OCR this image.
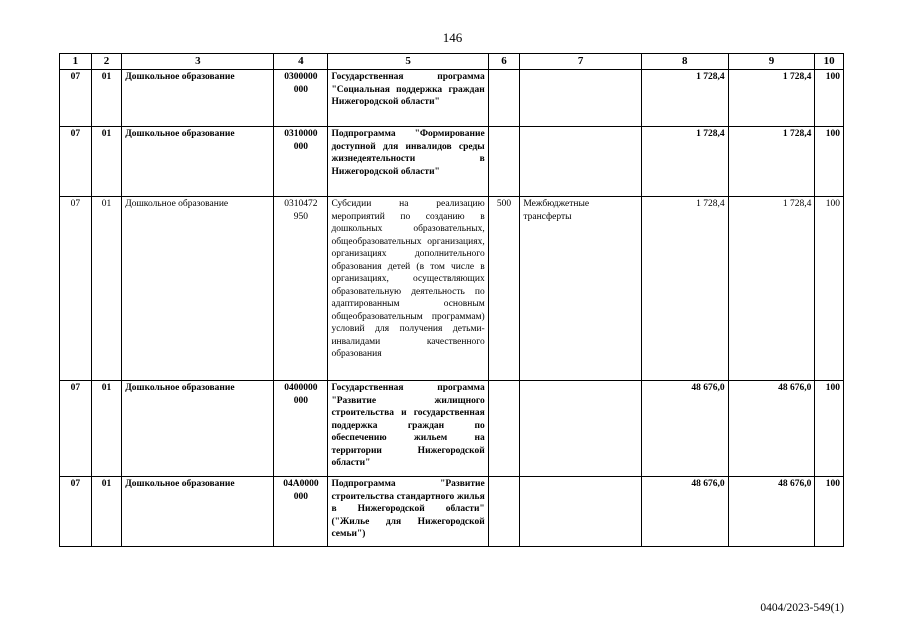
146
1	2	3	4	5	6	7	8	9	10
07	01	Дошкольное образование	0300000 000	Государственная программа "Социальная поддержка граждан Нижегородской области"			1 728,4	1 728,4	100
07	01	Дошкольное образование	0310000 000	Подпрограмма "Формирование доступной для инвалидов среды жизнедеятельности в Нижегородской области"			1 728,4	1 728,4	100
07	01	Дошкольное образование	0310472 950	Субсидии на реализацию мероприятий по созданию в дошкольных образовательных, общеобразовательных организациях, организациях дополнительного образования детей (в том числе в организациях, осуществляющих образовательную деятельность по адаптированным основным общеобразовательным программам) условий для получения детьми-инвалидами качественного образования	500	Межбюджетные трансферты	1 728,4	1 728,4	100
07	01	Дошкольное образование	0400000 000	Государственная программа "Развитие жилищного строительства и государственная поддержка граждан по обеспечению жильем на территории Нижегородской области"			48 676,0	48 676,0	100
07	01	Дошкольное образование	04А0000 000	Подпрограмма "Развитие строительства стандартного жилья в Нижегородской области" ("Жилье для Нижегородской семьи")			48 676,0	48 676,0	100
0404/2023-549(1)
